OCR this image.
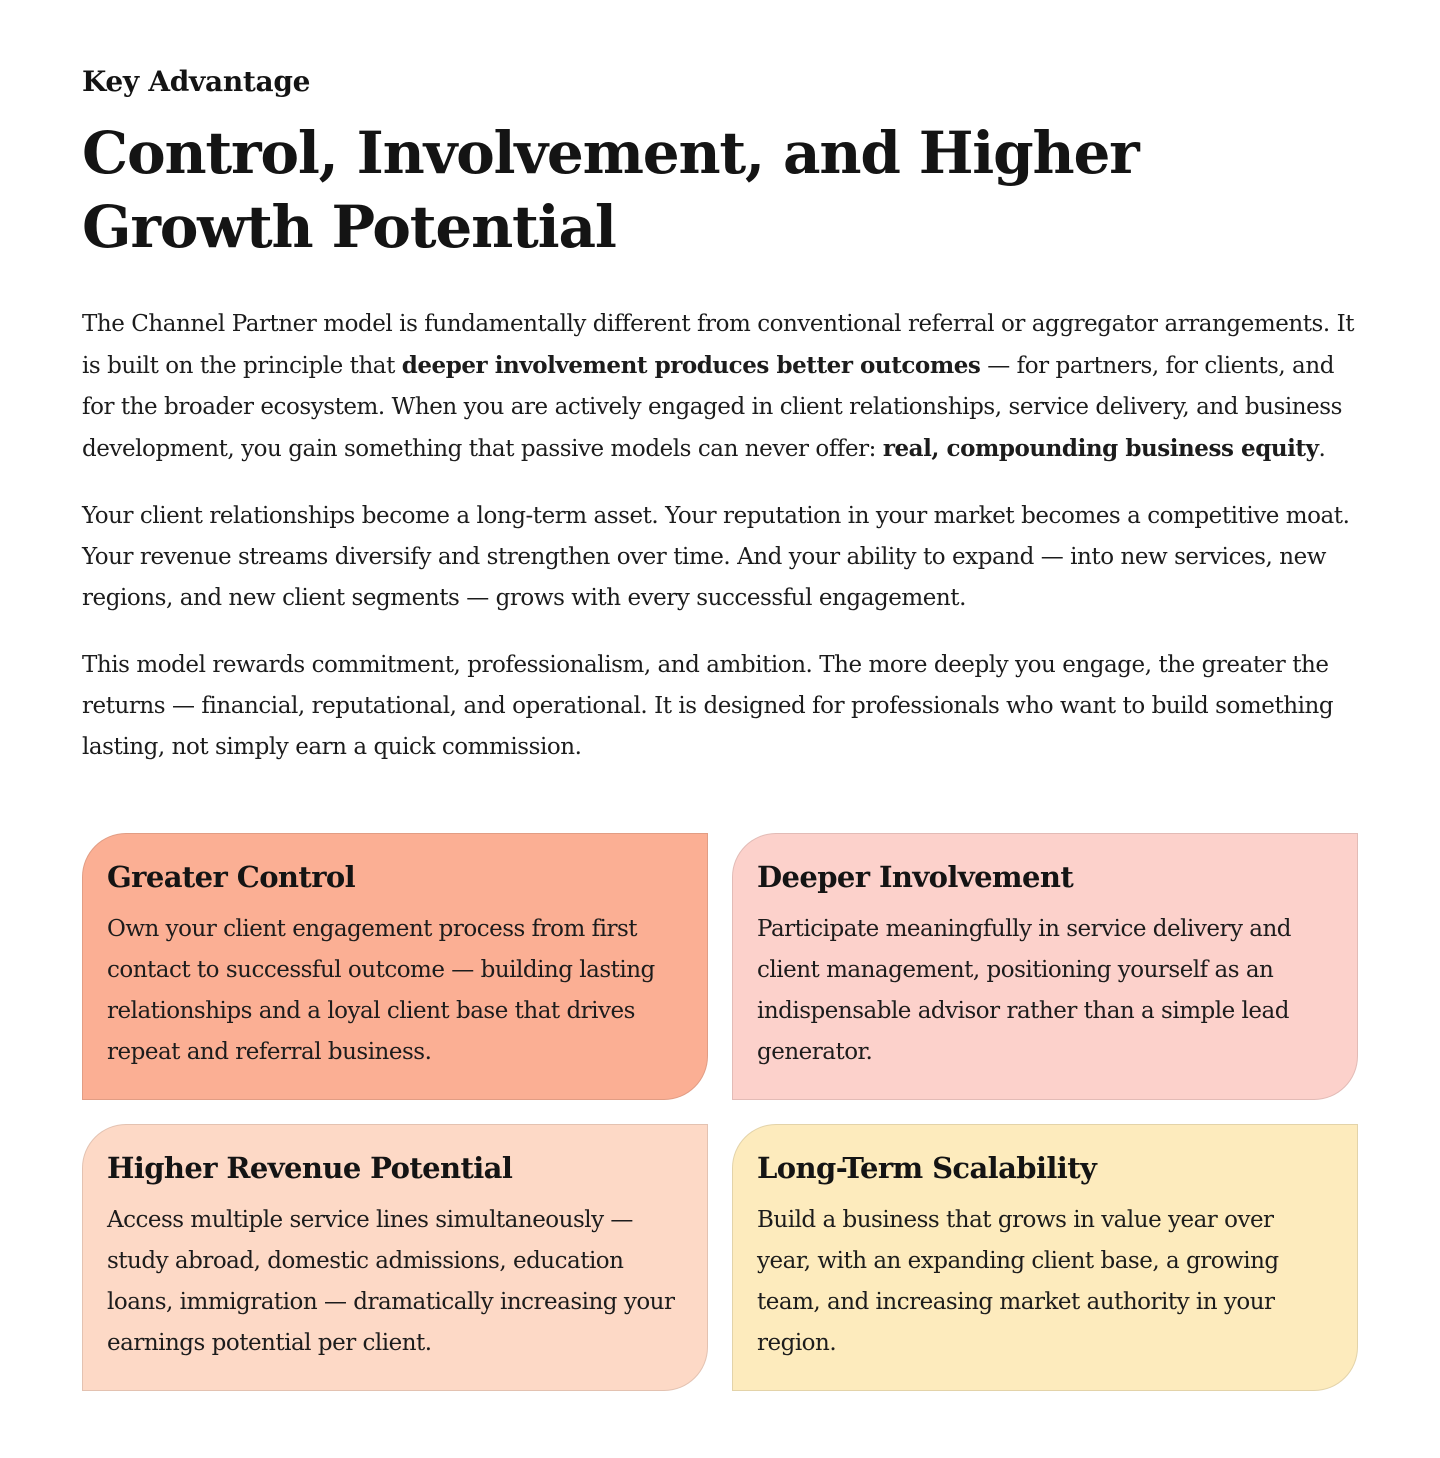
Key Advantage
Control, Involvement, and Higher Growth Potential

The Channel Partner model is fundamentally different from conventional referral or aggregator arrangements. It is built on the principle that deeper involvement produces better outcomes — for partners, for clients, and for the broader ecosystem. When you are actively engaged in client relationships, service delivery, and business development, you gain something that passive models can never offer: real, compounding business equity.

Your client relationships become a long-term asset. Your reputation in your market becomes a competitive moat. Your revenue streams diversify and strengthen over time. And your ability to expand — into new services, new regions, and new client segments — grows with every successful engagement.

This model rewards commitment, professionalism, and ambition. The more deeply you engage, the greater the returns — financial, reputational, and operational. It is designed for professionals who want to build something lasting, not simply earn a quick commission.

Greater Control

Own your client engagement process from first contact to successful outcome — building lasting relationships and a loyal client base that drives repeat and referral business.

Deeper Involvement

Participate meaningfully in service delivery and client management, positioning yourself as an indispensable advisor rather than a simple lead generator.

Higher Revenue Potential

Access multiple service lines simultaneously — study abroad, domestic admissions, education loans, immigration — dramatically increasing your earnings potential per client.

Long-Term Scalability

Build a business that grows in value year over year, with an expanding client base, a growing team, and increasing market authority in your region.
